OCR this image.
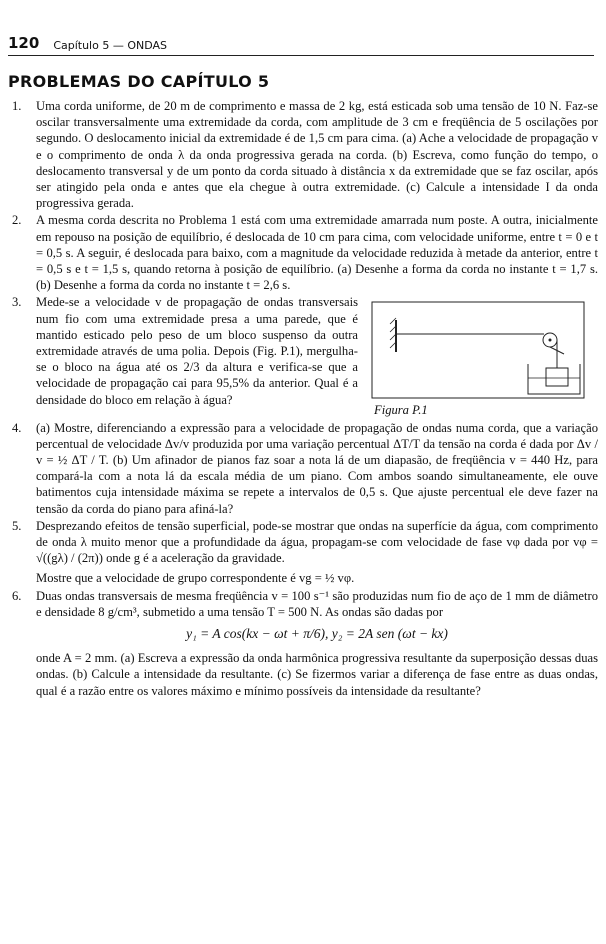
120 Capítulo 5 — ONDAS
PROBLEMAS DO CAPÍTULO 5
1. Uma corda uniforme, de 20 m de comprimento e massa de 2 kg, está esticada sob uma tensão de 10 N. Faz-se oscilar transversalmente uma extremidade da corda, com amplitude de 3 cm e freqüência de 5 oscilações por segundo. O deslocamento inicial da extremidade é de 1,5 cm para cima. (a) Ache a velocidade de propagação v e o comprimento de onda λ da onda progressiva gerada na corda. (b) Escreva, como função do tempo, o deslocamento transversal y de um ponto da corda situado à distância x da extremidade que se faz oscilar, após ser atingido pela onda e antes que ela chegue à outra extremidade. (c) Calcule a intensidade I da onda progressiva gerada.
2. A mesma corda descrita no Problema 1 está com uma extremidade amarrada num poste. A outra, inicialmente em repouso na posição de equilíbrio, é deslocada de 10 cm para cima, com velocidade uniforme, entre t = 0 e t = 0,5 s. A seguir, é deslocada para baixo, com a magnitude da velocidade reduzida à metade da anterior, entre t = 0,5 s e t = 1,5 s, quando retorna à posição de equilíbrio. (a) Desenhe a forma da corda no instante t = 1,7 s. (b) Desenhe a forma da corda no instante t = 2,6 s.
3. Mede-se a velocidade v de propagação de ondas transversais num fio com uma extremidade presa a uma parede, que é mantido esticado pelo peso de um bloco suspenso da outra extremidade através de uma polia. Depois (Fig. P.1), mergulha-se o bloco na água até os 2/3 da altura e verifica-se que a velocidade de propagação cai para 95,5% da anterior. Qual é a densidade do bloco em relação à água?
Figura P.1
4. (a) Mostre, diferenciando a expressão para a velocidade de propagação de ondas numa corda, que a variação percentual de velocidade Δv/v produzida por uma variação percentual ΔT/T da tensão na corda é dada por Δv / v = ½ ΔT / T. (b) Um afinador de pianos faz soar a nota lá de um diapasão, de freqüência v = 440 Hz, para compará-la com a nota lá da escala média de um piano. Com ambos soando simultaneamente, ele ouve batimentos cuja intensidade máxima se repete a intervalos de 0,5 s. Que ajuste percentual ele deve fazer na tensão da corda do piano para afiná-la?
5. Desprezando efeitos de tensão superficial, pode-se mostrar que ondas na superfície da água, com comprimento de onda λ muito menor que a profundidade da água, propagam-se com velocidade de fase vφ dada por vφ = √((gλ) / (2π)) onde g é a aceleração da gravidade.
Mostre que a velocidade de grupo correspondente é vg = ½ vφ.
6. Duas ondas transversais de mesma freqüência v = 100 s⁻¹ são produzidas num fio de aço de 1 mm de diâmetro e densidade 8 g/cm³, submetido a uma tensão T = 500 N. As ondas são dadas por
y₁ = A cos(kx − ωt + π/6), y₂ = 2A sen (ωt − kx)
onde A = 2 mm. (a) Escreva a expressão da onda harmônica progressiva resultante da superposição dessas duas ondas. (b) Calcule a intensidade da resultante. (c) Se fizermos variar a diferença de fase entre as duas ondas, qual é a razão entre os valores máximo e mínimo possíveis da intensidade da resultante?
